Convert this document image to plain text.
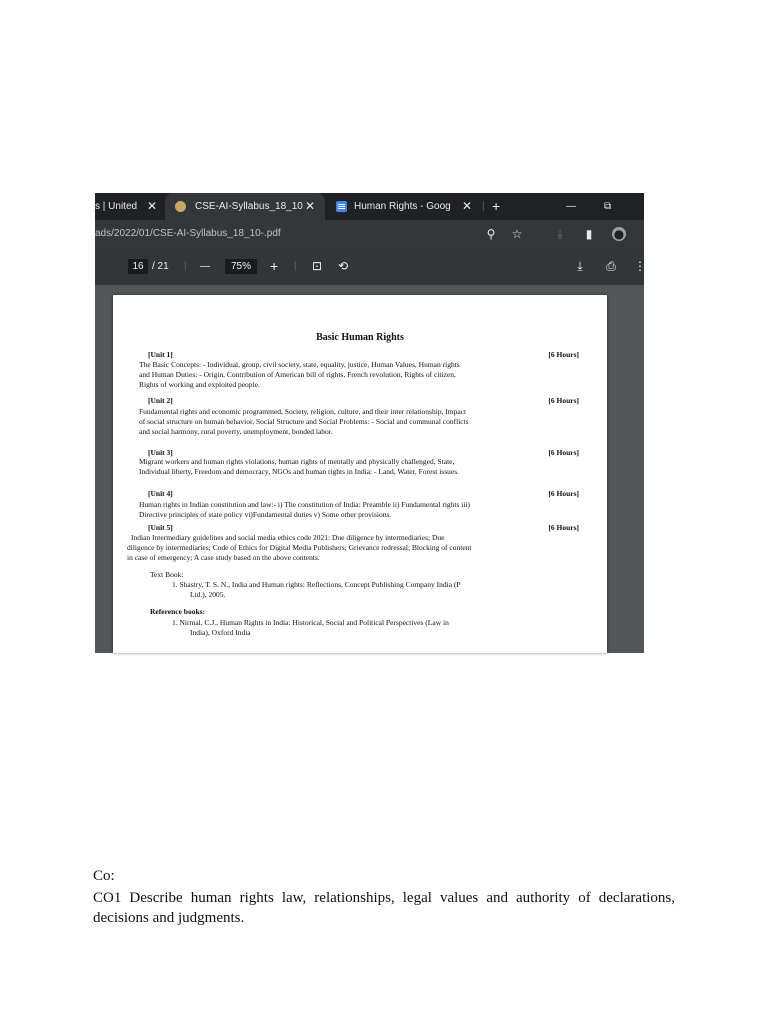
s | United ✕	CSE-AI-Syllabus_18_10 ✕	Human Rights - Goog ✕ | +	—	⧉
ads/2022/01/CSE-AI-Syllabus_18_10-.pdf	⚲ ☆	⤓	▮	●
16 / 21 | —	75%	+ | ⊡ ⟲	⤓	⎙ ⋮
Basic Human Rights
[Unit 1]	[6 Hours]
The Basic Concepts: - Individual, group, civil society, state, equality, justice, Human Values, Human rights
and Human Duties: - Origin, Contribution of American bill of rights, French revolution, Rights of citizen,
Rights of working and exploited people.
[Unit 2]	[6 Hours]
Fundamental rights and economic programmed, Society, religion, culture, and their inter relationship, Impact
of social structure on human behavior, Social Structure and Social Problems: - Social and communal conflicts
and social harmony, rural poverty, unemployment, bonded labor.
[Unit 3]	[6 Hours]
Migrant workers and human rights violations, human rights of mentally and physically challenged, State,
Individual liberty, Freedom and democracy, NGOs and human rights in India: - Land, Water, Forest issues.
[Unit 4]	[6 Hours]
Human rights in Indian constitution and law:- i) The constitution of India: Preamble ii) Fundamental rights iii)
Directive principles of state policy vi)Fundamental duties v) Some other provisions.
[Unit 5]	[6 Hours]
Indian Intermediary guidelines and social media ethics code 2021: Due diligence by intermediaries; Due
diligence by intermediaries; Code of Ethics for Digital Media Publishers; Grievance redressal; Blocking of content
in case of emergency; A case study based on the above contents.
Text Book:
1. Shastry, T. S. N., India and Human rights: Reflections, Concept Publishing Company India (P
Ltd.), 2005.
Reference books:
1. Nirmal, C.J., Human Rights in India: Historical, Social and Political Perspectives (Law in
India), Oxford India
Co:
CO1 Describe human rights law, relationships, legal values and authority of declarations, decisions and judgments.
